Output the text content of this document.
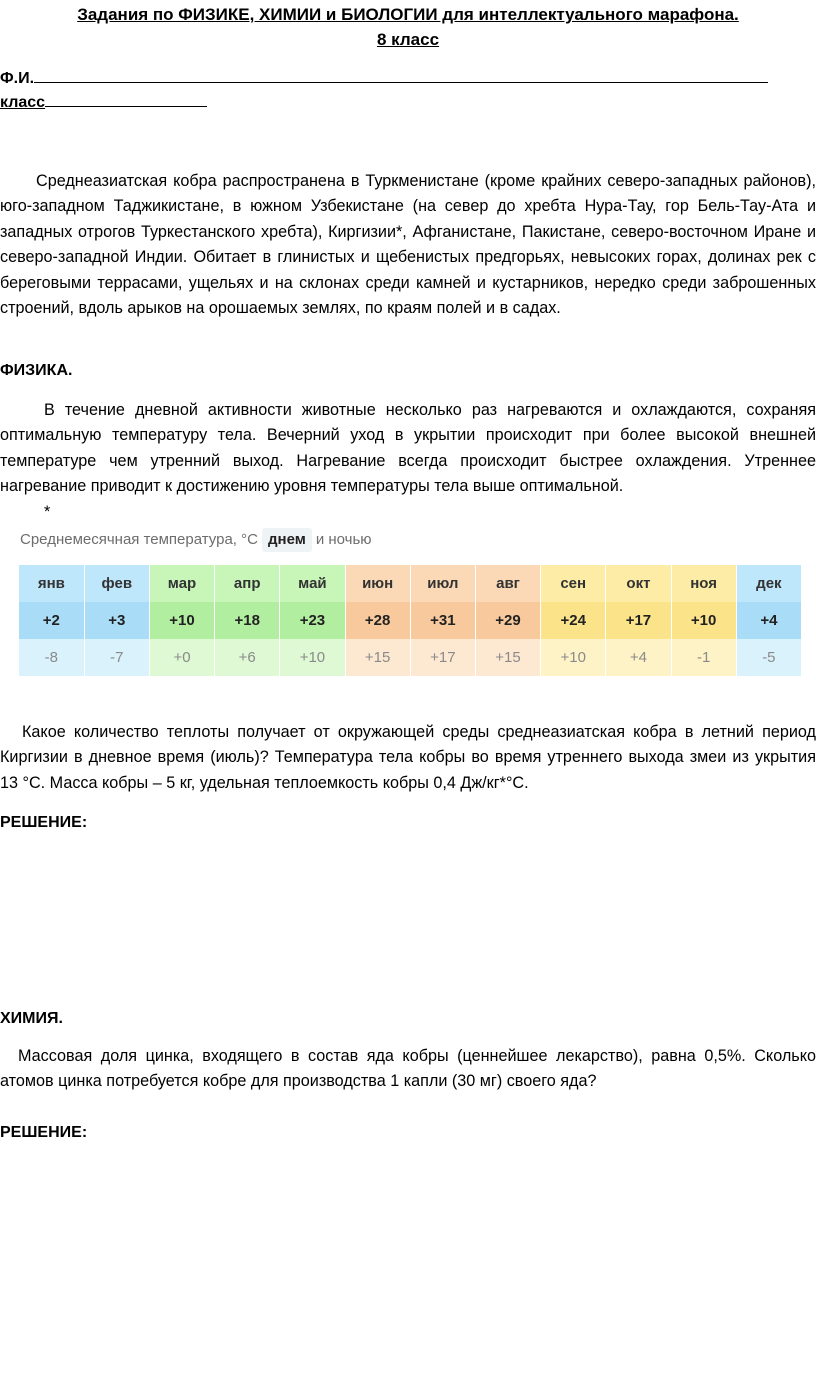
Задания по ФИЗИКЕ, ХИМИИ и БИОЛОГИИ для интеллектуального марафона.
8 класс
Ф.И.
класс
Среднеазиатская кобра распространена в Туркменистане (кроме крайних северо-западных районов), юго-западном Таджикистане, в южном Узбекистане (на север до хребта Нура-Тау, гор Бель-Тау-Ата и западных отрогов Туркестанского хребта), Киргизии*, Афганистане, Пакистане, северо-восточном Иране и северо-западной Индии. Обитает в глинистых и щебенистых предгорьях, невысоких горах, долинах рек с береговыми террасами, ущельях и на склонах среди камней и кустарников, нередко среди заброшенных строений, вдоль арыков на орошаемых землях, по краям полей и в садах.
ФИЗИКА.
В течение дневной активности животные несколько раз нагреваются и охлаждаются, сохраняя оптимальную температуру тела. Вечерний уход в укрытии происходит при более высокой внешней температуре чем утренний выход. Нагревание всегда происходит быстрее охлаждения. Утреннее нагревание приводит к достижению уровня температуры тела выше оптимальной.
*
Среднемесячная температура, °С днем и ночью
янв	фев	мар	апр	май	июн	июл	авг	сен	окт	ноя	дек
+2	+3	+10	+18	+23	+28	+31	+29	+24	+17	+10	+4
-8	-7	+0	+6	+10	+15	+17	+15	+10	+4	-1	-5
Какое количество теплоты получает от окружающей среды среднеазиатская кобра в летний период Киргизии в дневное время (июль)? Температура тела кобры во время утреннего выхода змеи из укрытия 13 °С. Масса кобры – 5 кг, удельная теплоемкость кобры 0,4 Дж/кг*°С.
РЕШЕНИЕ:
ХИМИЯ.
Массовая доля цинка, входящего в состав яда кобры (ценнейшее лекарство), равна 0,5%. Сколько атомов цинка потребуется кобре для производства 1 капли (30 мг) своего яда?
РЕШЕНИЕ:
